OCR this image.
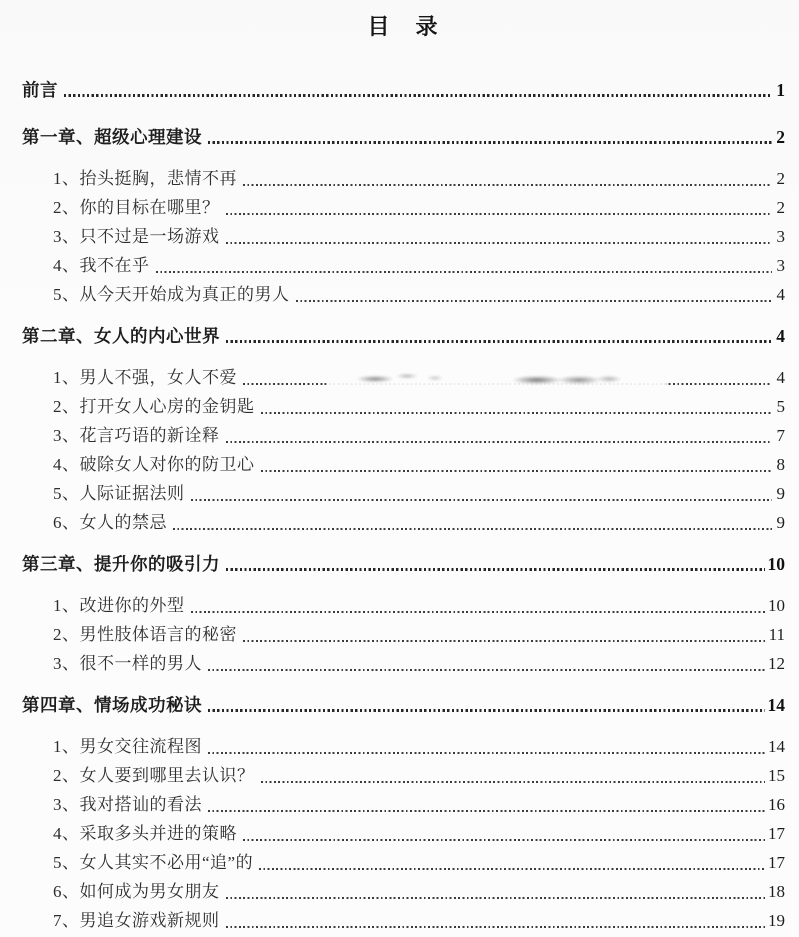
目　录
前言	1
第一章、超级心理建设	2
1、抬头挺胸，悲情不再	2
2、你的目标在哪里？	2
3、只不过是一场游戏	3
4、我不在乎	3
5、从今天开始成为真正的男人	4
第二章、女人的内心世界	4
1、男人不强，女人不爱	4
2、打开女人心房的金钥匙	5
3、花言巧语的新诠释	7
4、破除女人对你的防卫心	8
5、人际证据法则	9
6、女人的禁忌	9
第三章、提升你的吸引力	10
1、改进你的外型	10
2、男性肢体语言的秘密	11
3、很不一样的男人	12
第四章、情场成功秘诀	14
1、男女交往流程图	14
2、女人要到哪里去认识？	15
3、我对搭讪的看法	16
4、采取多头并进的策略	17
5、女人其实不必用“追”的	17
6、如何成为男女朋友	18
7、男追女游戏新规则	19
